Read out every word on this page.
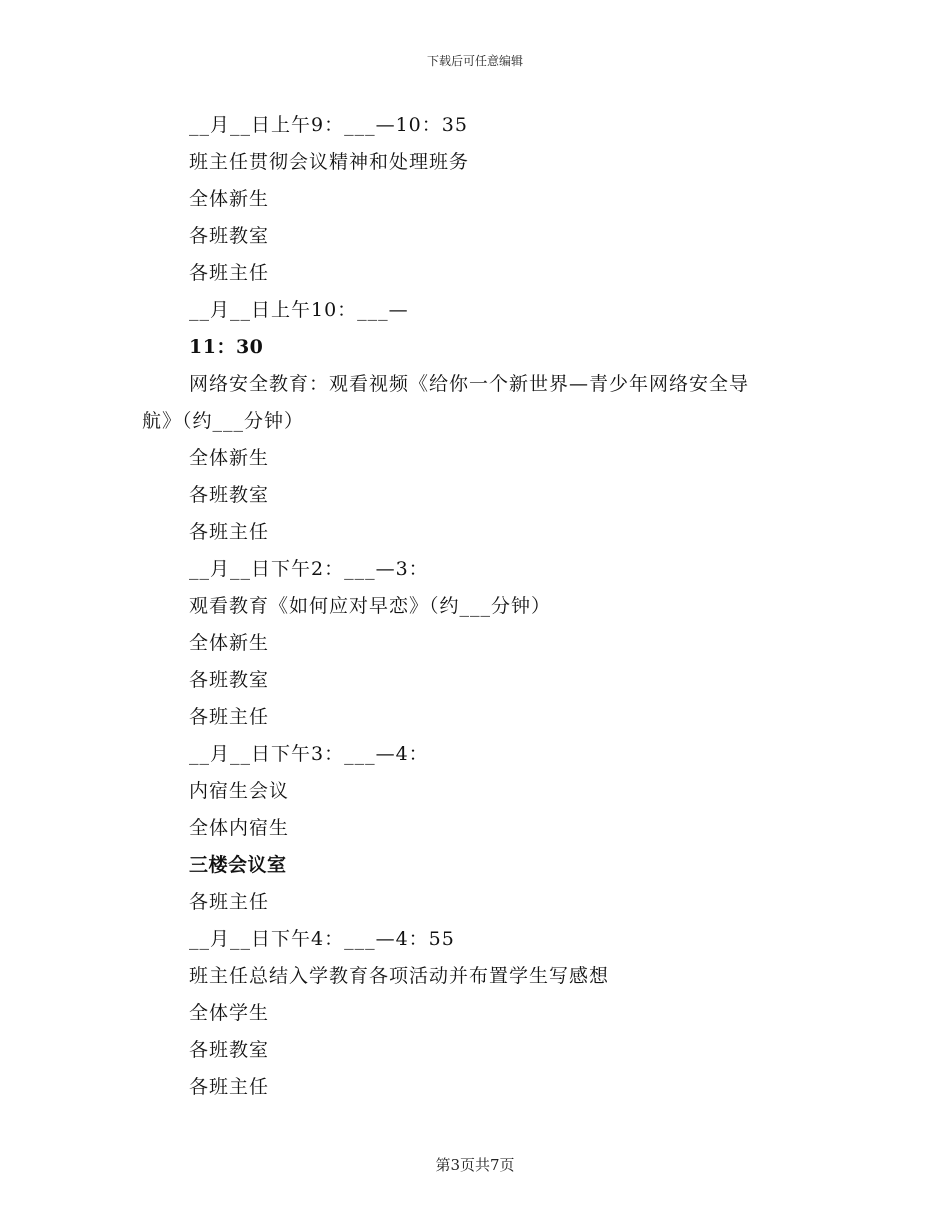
下载后可任意编辑
__月__日上午9：___—10：35
班主任贯彻会议精神和处理班务
全体新生
各班教室
各班主任
__月__日上午10：___—
11：30
网络安全教育：观看视频《给你一个新世界—青少年网络安全导
航》（约___分钟）
全体新生
各班教室
各班主任
__月__日下午2：___—3：
观看教育《如何应对早恋》（约___分钟）
全体新生
各班教室
各班主任
__月__日下午3：___—4：
内宿生会议
全体内宿生
三楼会议室
各班主任
__月__日下午4：___—4：55
班主任总结入学教育各项活动并布置学生写感想
全体学生
各班教室
各班主任
第3页共7页
